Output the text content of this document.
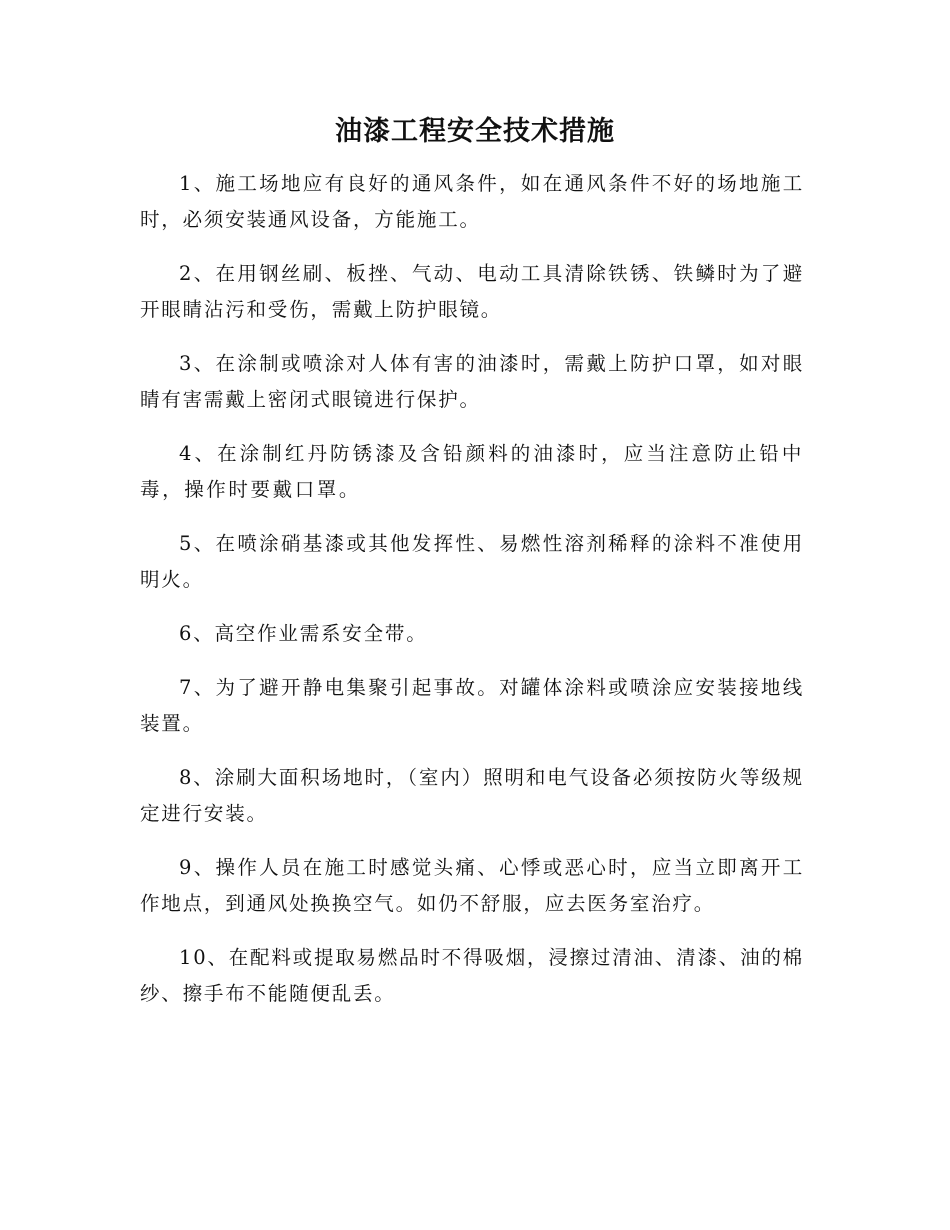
油漆工程安全技术措施

1、施工场地应有良好的通风条件，如在通风条件不好的场地施工时，必须安装通风设备，方能施工。

2、在用钢丝刷、板挫、气动、电动工具清除铁锈、铁鳞时为了避开眼睛沾污和受伤，需戴上防护眼镜。

3、在涂制或喷涂对人体有害的油漆时，需戴上防护口罩，如对眼睛有害需戴上密闭式眼镜进行保护。

4、在涂制红丹防锈漆及含铅颜料的油漆时，应当注意防止铅中毒，操作时要戴口罩。

5、在喷涂硝基漆或其他发挥性、易燃性溶剂稀释的涂料不准使用明火。

6、高空作业需系安全带。

7、为了避开静电集聚引起事故。对罐体涂料或喷涂应安装接地线装置。

8、涂刷大面积场地时，（室内）照明和电气设备必须按防火等级规定进行安装。

9、操作人员在施工时感觉头痛、心悸或恶心时，应当立即离开工作地点，到通风处换换空气。如仍不舒服，应去医务室治疗。

10、在配料或提取易燃品时不得吸烟，浸擦过清油、清漆、油的棉纱、擦手布不能随便乱丢。
